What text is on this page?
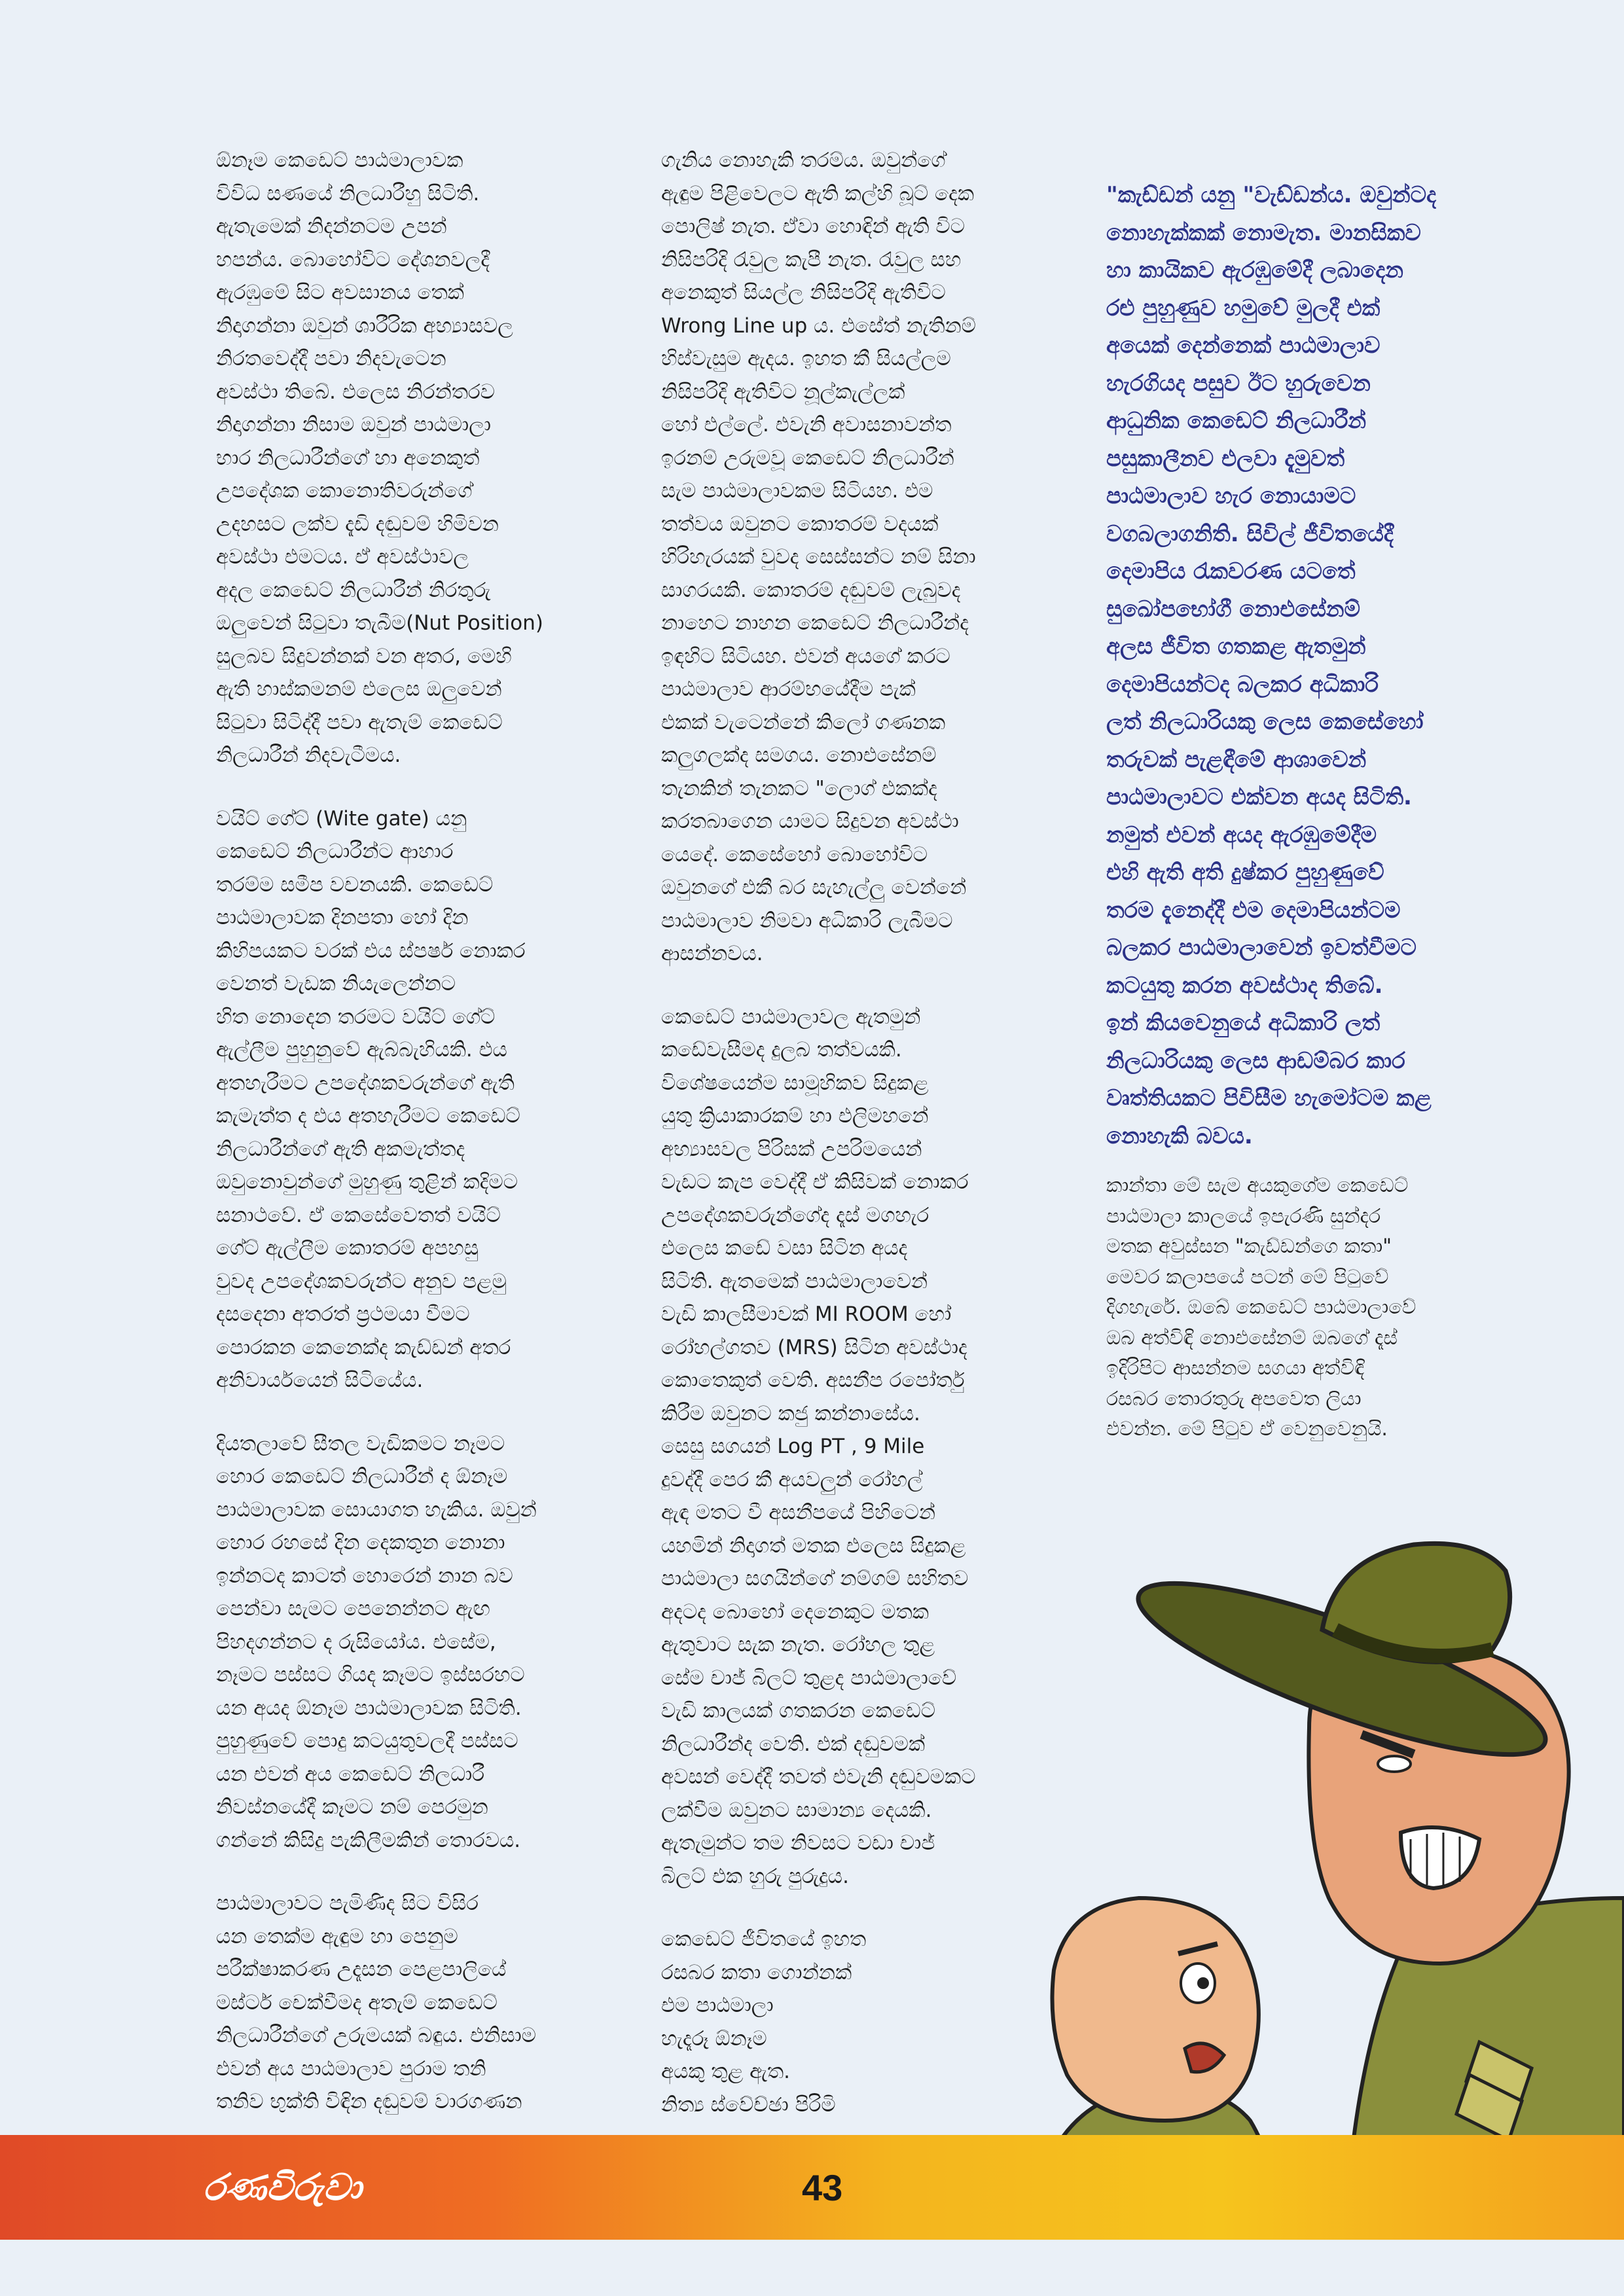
ඕනෑම කෙඩෙට් පාඨමාලාවක
විවිධ සණයේ නිලධාරීහු සිටිති.
ඇතැමෙක් නිදන්නටම උපන්
හපන්ය. බොහෝවිට දේශනවලදී
ඇරඹුමේ සිට අවසානය තෙක්
නිදාගන්නා ඔවුන් ශාරීරික අභ්‍යාසවල
නිරතවෙද්දී පවා නිදවැටෙන
අවස්ථා තිබේ. එලෙස නිරන්තරව
නිදාගන්නා නිසාම ඔවුන් පාඨමාලා
භාර නිලධාරීන්ගේ හා අනෙකුත්
උපදේශක කොනොතිවරුන්ගේ
උදහසට ලක්ව දැඩි දඬුවම් හිමිවන
අවස්ථා එමටය. ඒ අවස්ථාවල
අදල කෙඩෙට් නිලධාරීන් නිරතුරු
ඔලුවෙන් සිටුවා තැබීම(Nut Position)
සුලබව සිදුවන්නක් වන අතර, මෙහි
ඇති හාස්කමනම් එලෙස ඔලුවෙන්
සිටුවා සිටිද්දී පවා ඇතැම් කෙඩෙට්
නිලධාරීන් නිදවැටීමය.

වයිට් ගේට් (Wite gate) යනු
කෙඩෙට් නිලධාරීන්ට ආහාර
තරම්ම සමීප වචනයකි. කෙඩෙට්
පාඨමාලාවක දිනපතා හෝ දින
කිහිපයකට වරක් එය ස්පර්ෂ නොකර
වෙනත් වැඩක නියැලෙන්නට
හිත නොදෙන තරමට වයිට් ගේට්
ඇල්ලීම පුහුනුවේ ඇබ්බැහියකි. එය
අතහැරීමට උපදේශකවරුන්ගේ ඇති
කැමැත්ත ද එය අතහැරීමට කෙඩෙට්
නිලධාරීන්ගේ ඇති අකමැත්තද
ඔවුනොවුන්ගේ මුහුණු තුළින් කදිමට
සනාථවේ. ඒ කෙසේවෙතත් වයිට්
ගේට් ඇල්ලීම කොතරම් අපහසු
වුවද උපදේශකවරුන්ට අනුව පළමු
දසදෙනා අතරත් ප්‍රථමයා වීමට
පොරකන කෙනෙක්ද කැඩ්ඩන් අතර
අනිවාර්යයෙන් සිටියේය.

දියතලාවේ සීතල වැඩිකමට නෑමට
හොර කෙඩෙට් නිලධාරීන් ද ඕනෑම
පාඨමාලාවක සොයාගත හැකිය. ඔවුන්
හොර රහසේ දින දෙකතුන නොනා
ඉන්නටද කාටත් හොරෙන් නාන බව
පෙන්වා සැමට පෙනෙන්නට ඇඟ
පිහදගන්නට ද රුසියෝය. එසේම,
නෑමට පස්සට ගියද කෑමට ඉස්සරහට
යන අයද ඕනෑම පාඨමාලාවක සිටිති.
පුහුණුවේ පොදු කටයුතුවලදී පස්සට
යන එවන් අය කෙඩෙට් නිලධාරී
නිවස්නයේදී කෑමට නම් පෙරමුන
ගන්නේ කිසිදු පැකිලීමකින් තොරවය.

පාඨමාලාවට පැමිණිද සිට විසිර
යන තෙක්ම ඇඳුම හා පෙනුම
පරීක්ෂාකරණ උදෑසන පෙළපාලියේ
මස්ටර් චෙක්වීමද අතැම් කෙඩෙට්
නිලධාරීන්ගේ උරුමයක් බඳුය. එනිසාම
එවන් අය පාඨමාලාව පුරාම තනි
තනිව භුක්ති විඳින දඬුවම් වාරගණන

ගැනිය නොහැකි තරම්ය. ඔවුන්ගේ
ඇඳුම පිළිවෙලට ඇති කල්හි බූට් දෙක
පොලිෂ් නැත. ඒවා හොඳින් ඇති විට
නිසිපරිදි රැවුල කැපී නැත. රැවුල සහ
අනෙකුත් සියල්ල නිසිපරිදි ඇතිවිට
Wrong Line up ය. එසේත් නැතිනම්
හිස්වැසුම ඇදය. ඉහත කී සියල්ලම
නිසිපරිදි ඇතිවිට නූල්කැල්ලක්
හෝ එල්ලේ. එවැනි අවාසනාවන්ත
ඉරනම් උරුමවූ කෙඩෙට් නිලධාරීන්
සැම පාඨමාලාවකම සිටියහ. එම
තත්වය ඔවුනට කොතරම් වදයක්
හිරිහැරයක් වුවද සෙස්සන්ට නම් සිනා
සාගරයකි. කොතරම් දඬුවම් ලැබුවද
නාහෙට නාහන කෙඩෙට් නිලධාරීන්ද
ඉඳහිට සිටියහ. එවන් අයගේ කරට
පාඨමාලාව ආරම්භයේදීම පැක්
එකක් වැටෙන්නේ කිලෝ ගණනක
කලුගලක්ද සමගය. නොඑසේනම්
තැනකින් තැනකට "ලොග් එකක්ද
කරතබාගෙන යාමට සිදුවන අවස්ථා
යෙදේ. කෙසේහෝ බොහෝවිට
ඔවුනගේ එකී බර සැහැල්ලු වෙන්නේ
පාඨමාලාව නිමවා අධිකාරි ලැබීමට
ආසන්නවය.

කෙඩෙට් පාඨමාලාවල ඇතමුන්
කඩේවැසීමද දුලබ තත්වයකි.
විශේෂයෙන්ම සාමූහිකව සිදුකළ
යුතු ක්‍රියාකාරකම් හා එලිමහනේ
අභ්‍යාසවල පිරිසක් උපරිමයෙන්
වැඩට කැප වෙද්දී ඒ කිසිවක් නොකර
උපදේශකවරුන්ගේද දෑස් මගහැර
එලෙස කඩේ වසා සිටින අයද
සිටිති. ඇතමෙක් පාඨමාලාවෙන්
වැඩි කාලසීමාවක් MI ROOM හෝ
රෝහල්ගතව (MRS) සිටින අවස්ථාද
කොතෙකුත් වෙති. අසනීප රපෝර්තු
කිරීම ඔවුනට කජු කන්නාසේය.
සෙසු සගයන් Log PT , 9 Mile
දුවද්දී පෙර කී අයවලුන් රෝහල්
ඇඳ මතට වී අසනීපයේ පිහිටෙන්
යහමින් නිදාගත් මතක එලෙස සිදුකළ
පාඨමාලා සගයින්ගේ නම්ගම් සහිතව
අදටද බොහෝ දෙනෙකුට මතක
ඇතුවාට සැක නැත. රෝහල තුළ
සේම චාජ් බිලට් තුළද පාඨමාලාවේ
වැඩි කාලයක් ගතකරන කෙඩෙට්
නිලධාරීන්ද වෙති. එක් දඬුවමක්
අවසන් වෙද්දී තවත් එවැනි දඬුවමකට
ලක්වීම ඔවුනට සාමාන්‍ය දෙයකි.
ඇතැමුන්ට තම නිවසට වඩා චාජ්
බිලට් එක හුරු පුරුදුය.

කෙඩෙට් ජීවිතයේ ඉහත
රසබර කතා ගොන්නක්
එම පාඨමාලා
හැදෑරූ ඕනෑම
අයකු තුළ ඇත.
නිත්‍ය ස්වේච්ඡා පිරිමි

"කැඩ්ඩන් යනු "වැඩ්ඩන්ය. ඔවුන්ටද
නොහැක්කක් නොමැත. මානසිකව
හා කායිකව ඇරඹුමේදී ලබාදෙන
රළු පුහුණුව හමුවේ මුලදී එක්
අයෙක් දෙන්නෙක් පාඨමාලාව
හැරගියද පසුව ඊට හුරුවෙන
ආධුනික කෙඩෙට් නිලධාරීන්
පසුකාලීනව එලවා දැමුවත්
පාඨමාලාව හැර නොයාමට
වගබලාගනිති. සිවිල් ජීවිතයේදී
දෙමාපිය රැකවරණ යටතේ
සුඛෝපභෝගී නොඑසේනම්
අලස ජීවිත ගතකළ ඇතමුන්
දෙමාපියන්ටද බලකර අධිකාරි
ලත් නිලධාරියකු ලෙස කෙසේහෝ
තරුවක් පැළඳීමේ ආශාවෙන්
පාඨමාලාවට එක්වන අයද සිටිති.
නමුත් එවන් අයද ඇරඹුමේදීම
එහි ඇති අති දුෂ්කර පුහුණුවේ
තරම දැනෙද්දී එම දෙමාපියන්ටම
බලකර පාඨමාලාවෙන් ඉවත්වීමට
කටයුතු කරන අවස්ථාද තිබේ.
ඉන් කියවෙනුයේ අධිකාරි ලත්
නිලධාරියකු ලෙස ආඩම්බර කාර
වෘත්තියකට පිවිසීම හැමෝටම කළ
නොහැකි බවය.
කාන්තා මේ සැම අයකුගේම කෙඩෙට්
පාඨමාලා කාලයේ ඉපැරණි සුන්දර
මතක අවුස්සන "කැඩ්ඩන්ගෙ කතා"
මෙවර කලාපයේ පටන් මේ පිටුවේ
දිගහැරේ. ඔබේ කෙඩෙට් පාඨමාලාවේ
ඔබ අත්විඳි නොඑසේනම් ඔබගේ දෑස්
ඉදිරිපිට ආසන්නම සගයා අත්විඳි
රසබර තොරතුරු අපවෙත ලියා
එවන්න. මේ පිටුව ඒ වෙනුවෙනුයි.
රණවිරුවා	43
